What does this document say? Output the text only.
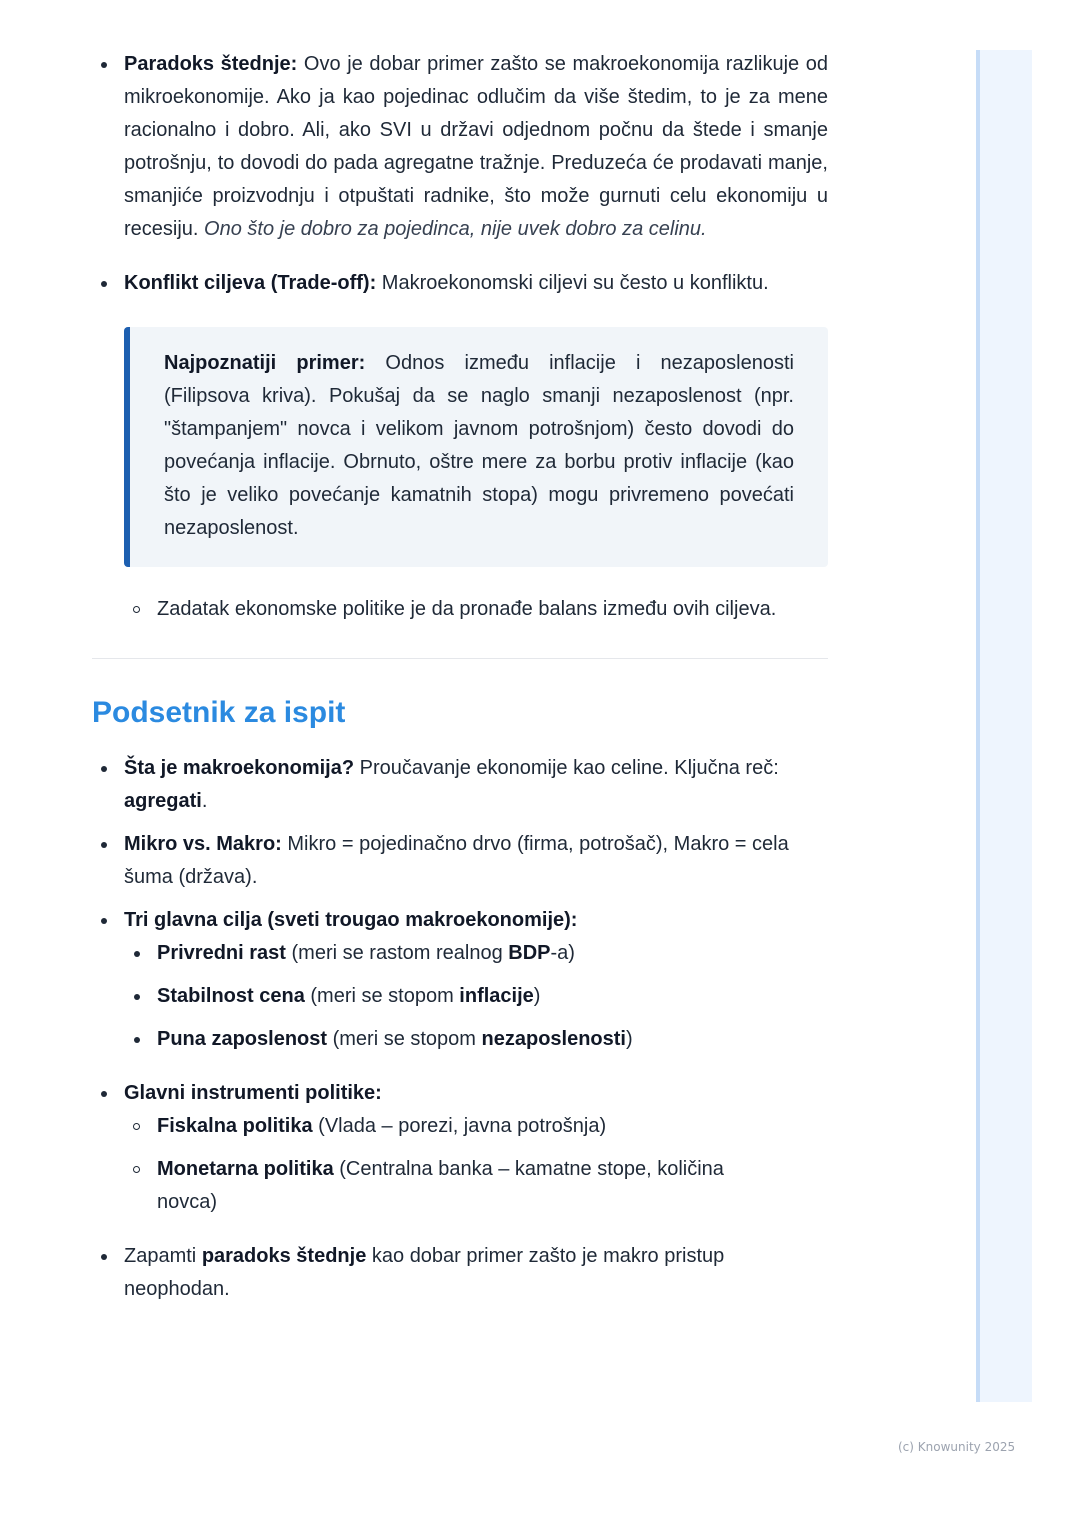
Paradoks štednje: Ovo je dobar primer zašto se makroekonomija razlikuje od mikroekonomije. Ako ja kao pojedinac odlučim da više štedim, to je za mene racionalno i dobro. Ali, ako SVI u državi odjednom počnu da štede i smanje potrošnju, to dovodi do pada agregatne tražnje. Preduzeća će prodavati manje, smanjiće proizvodnju i otpuštati radnike, što može gurnuti celu ekonomiju u recesiju. Ono što je dobro za pojedinca, nije uvek dobro za celinu.
Konflikt ciljeva (Trade-off): Makroekonomski ciljevi su često u konfliktu.
Najpoznatiji primer: Odnos između inflacije i nezaposlenosti (Filipsova kriva). Pokušaj da se naglo smanji nezaposlenost (npr. "štampanjem" novca i velikom javnom potrošnjom) često dovodi do povećanja inflacije. Obrnuto, oštre mere za borbu protiv inflacije (kao što je veliko povećanje kamatnih stopa) mogu privremeno povećati nezaposlenost.
Zadatak ekonomske politike je da pronađe balans između ovih ciljeva.
Podsetnik za ispit
Šta je makroekonomija? Proučavanje ekonomije kao celine. Ključna reč: agregati.
Mikro vs. Makro: Mikro = pojedinačno drvo (firma, potrošač), Makro = cela šuma (država).
Tri glavna cilja (sveti trougao makroekonomije):
Privredni rast (meri se rastom realnog BDP-a)
Stabilnost cena (meri se stopom inflacije)
Puna zaposlenost (meri se stopom nezaposlenosti)
Glavni instrumenti politike:
Fiskalna politika (Vlada – porezi, javna potrošnja)
Monetarna politika (Centralna banka – kamatne stope, količina novca)
Zapamti paradoks štednje kao dobar primer zašto je makro pristup neophodan.
(c) Knowunity 2025
